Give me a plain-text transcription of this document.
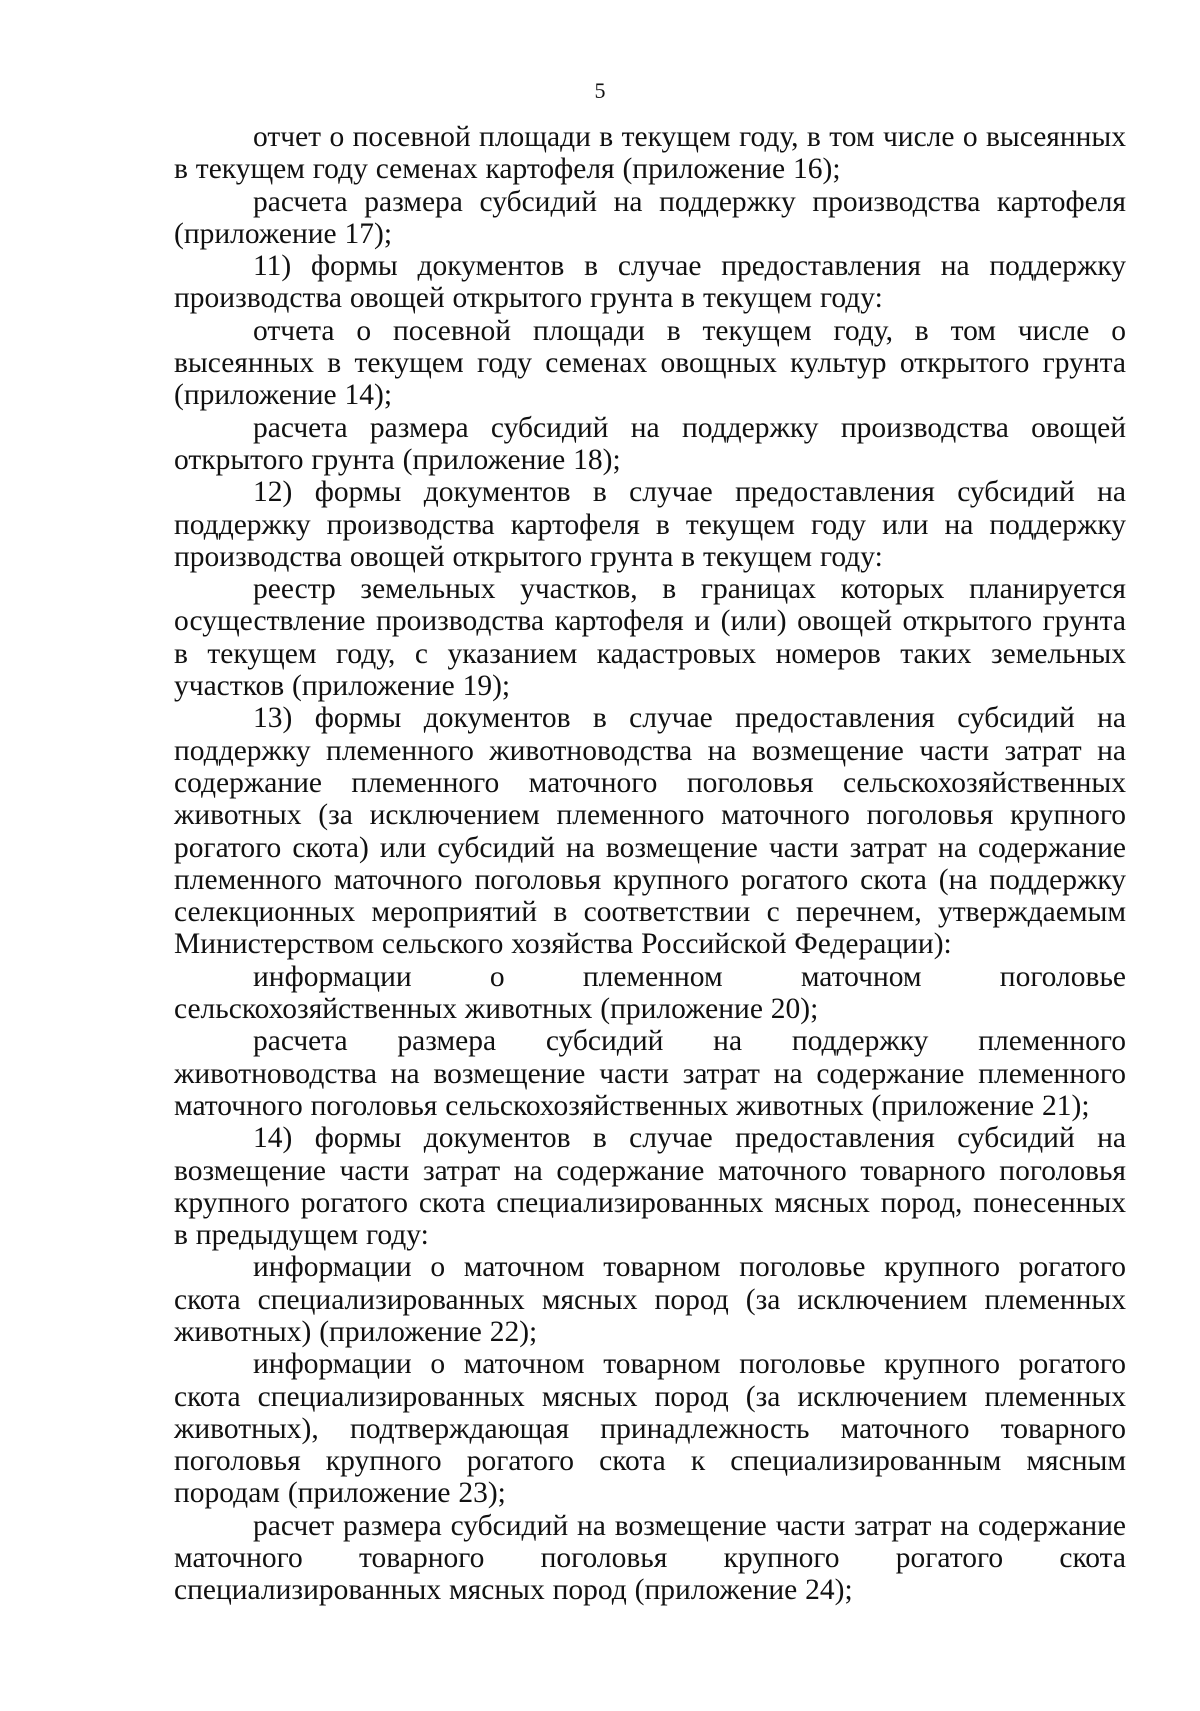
5

отчет о посевной площади в текущем году, в том числе о высеянных в текущем году семенах картофеля (приложение 16);

расчета размера субсидий на поддержку производства картофеля (приложение 17);

11) формы документов в случае предоставления на поддержку производства овощей открытого грунта в текущем году:

отчета о посевной площади в текущем году, в том числе о высеянных в текущем году семенах овощных культур открытого грунта (приложение 14);

расчета размера субсидий на поддержку производства овощей открытого грунта (приложение 18);

12) формы документов в случае предоставления субсидий на поддержку производства картофеля в текущем году или на поддержку производства овощей открытого грунта в текущем году:

реестр земельных участков, в границах которых планируется осуществление производства картофеля и (или) овощей открытого грунта в текущем году, с указанием кадастровых номеров таких земельных участков (приложение 19);

13) формы документов в случае предоставления субсидий на поддержку племенного животноводства на возмещение части затрат на содержание племенного маточного поголовья сельскохозяйственных животных (за исключением племенного маточного поголовья крупного рогатого скота) или субсидий на возмещение части затрат на содержание племенного маточного поголовья крупного рогатого скота (на поддержку селекционных мероприятий в соответствии с перечнем, утверждаемым Министерством сельского хозяйства Российской Федерации):

информации о племенном маточном поголовье сельскохозяйственных животных (приложение 20);

расчета размера субсидий на поддержку племенного животноводства на возмещение части затрат на содержание племенного маточного поголовья сельскохозяйственных животных (приложение 21);

14) формы документов в случае предоставления субсидий на возмещение части затрат на содержание маточного товарного поголовья крупного рогатого скота специализированных мясных пород, понесенных в предыдущем году:

информации о маточном товарном поголовье крупного рогатого скота специализированных мясных пород (за исключением племенных животных) (приложение 22);

информации о маточном товарном поголовье крупного рогатого скота специализированных мясных пород (за исключением племенных животных), подтверждающая принадлежность маточного товарного поголовья крупного рогатого скота к специализированным мясным породам (приложение 23);

расчет размера субсидий на возмещение части затрат на содержание маточного товарного поголовья крупного рогатого скота специализированных мясных пород (приложение 24);
